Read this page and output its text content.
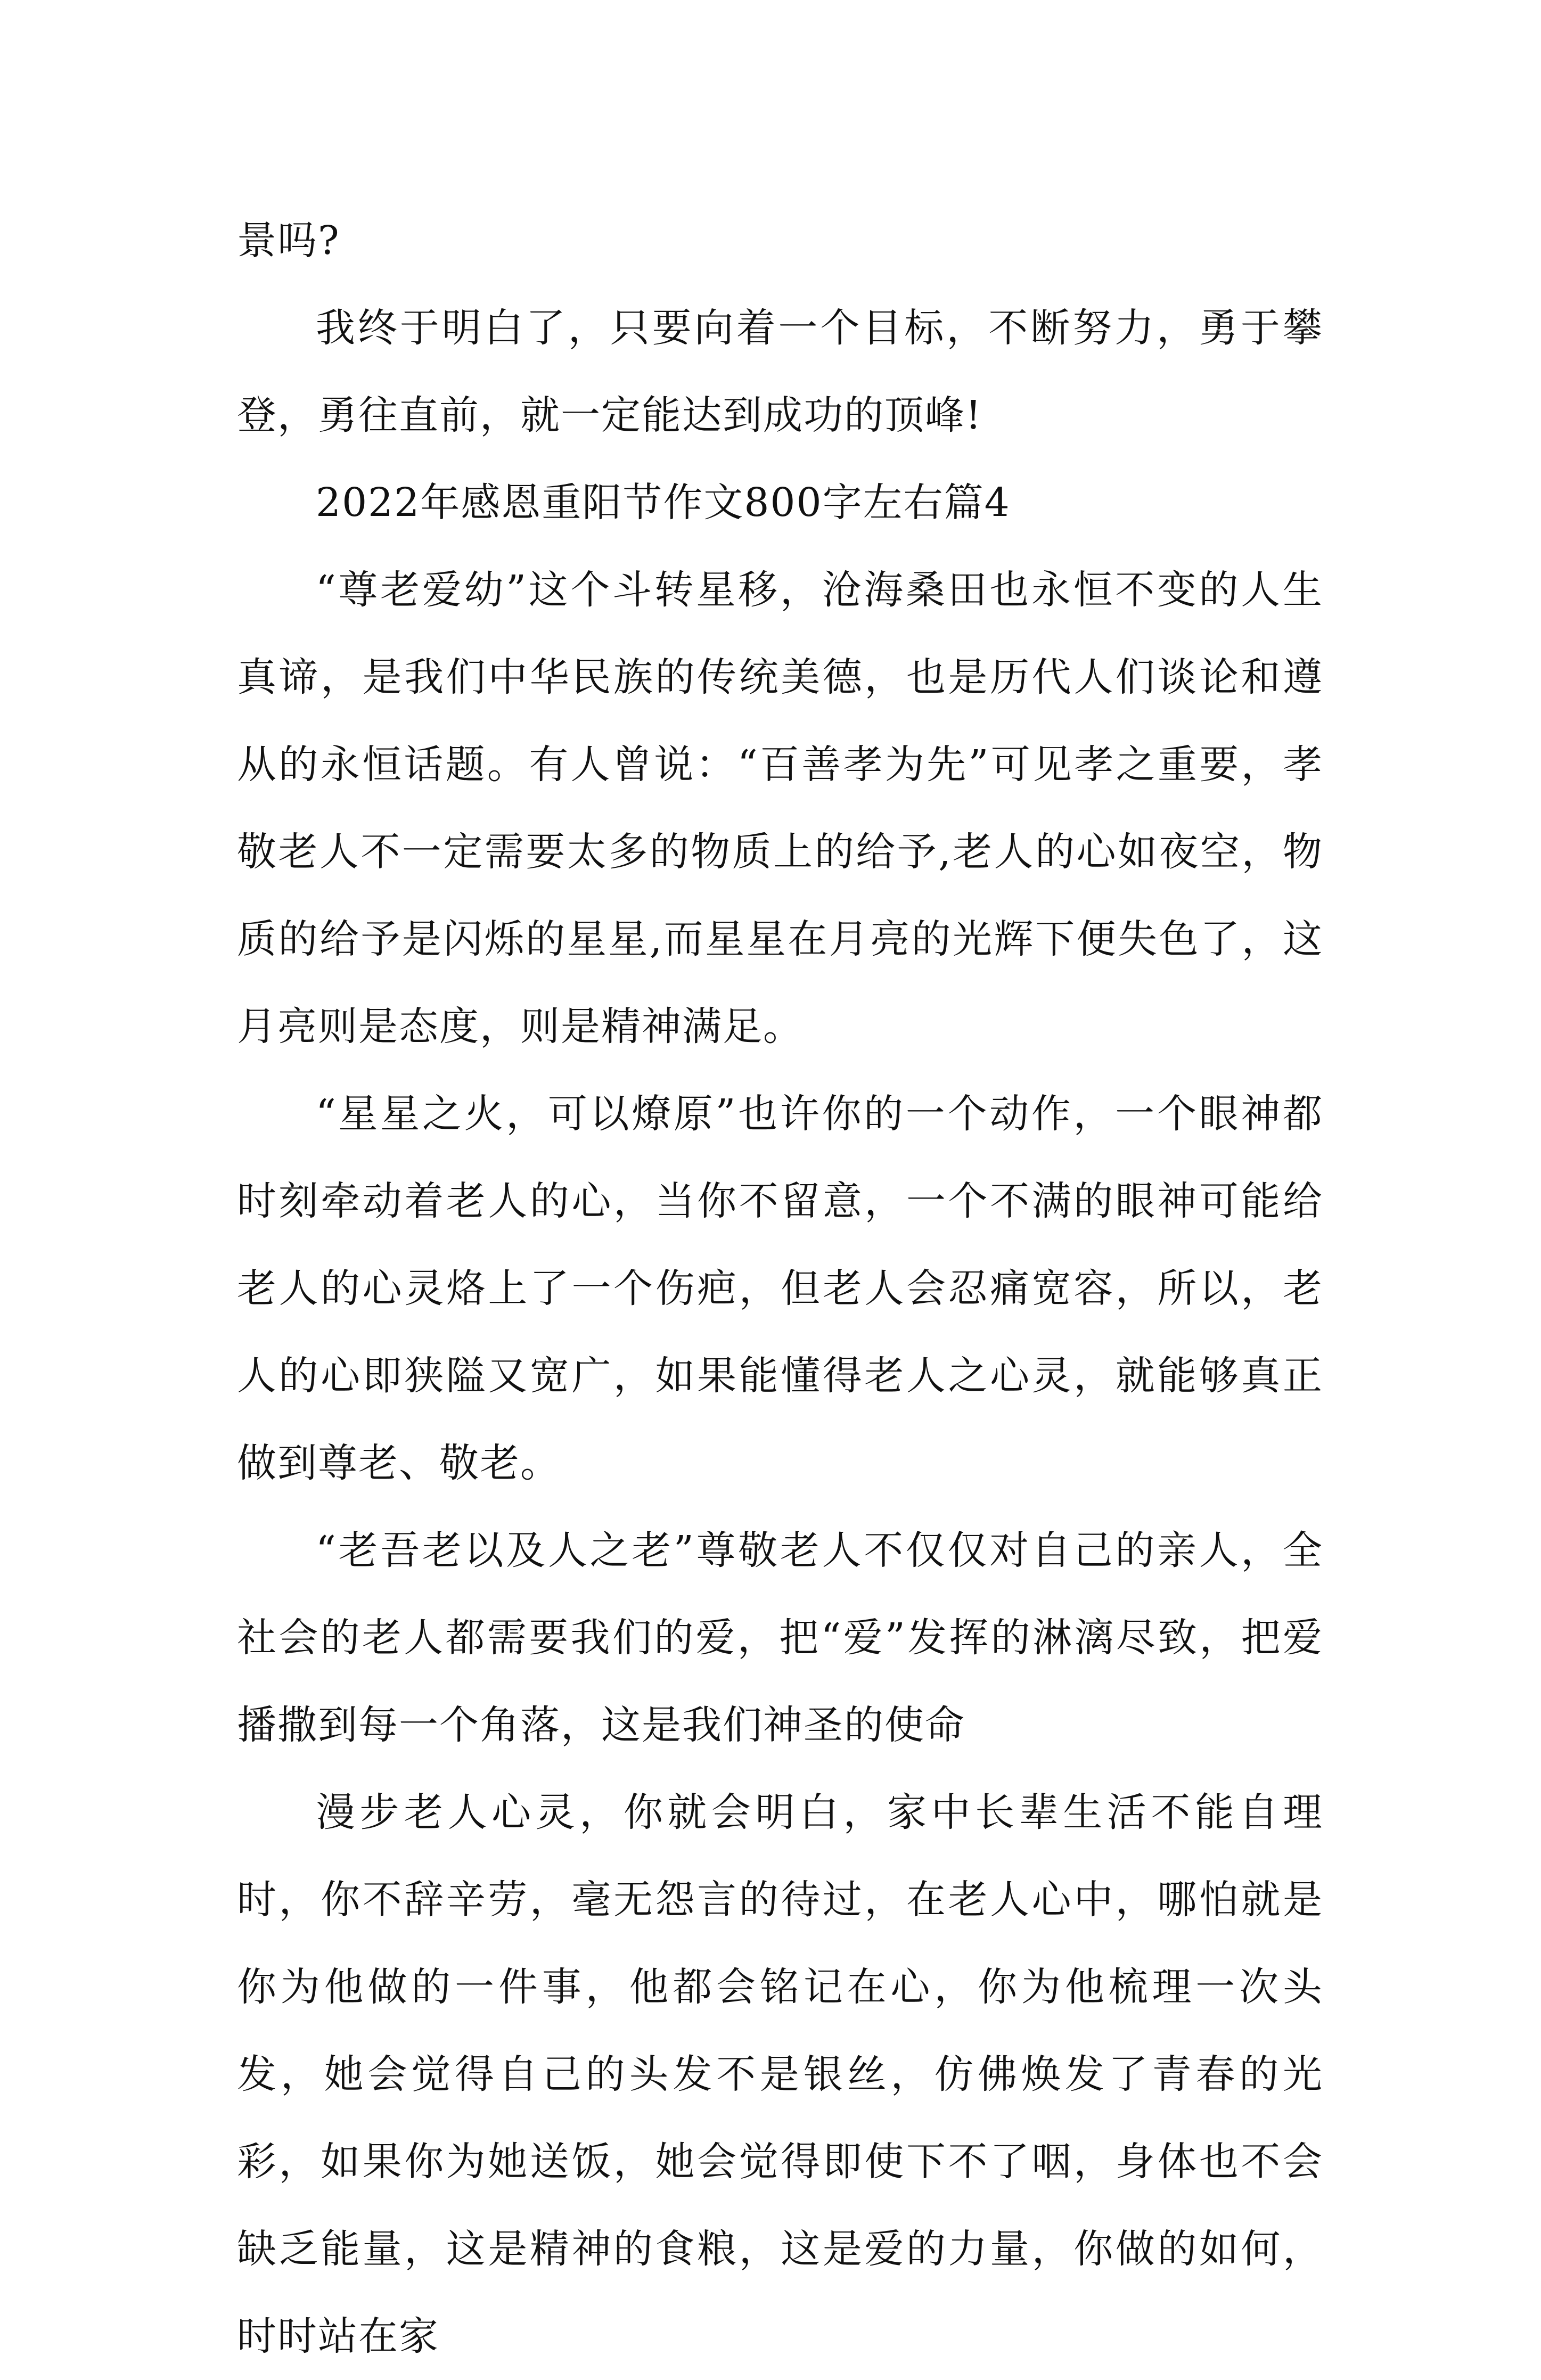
景吗?

我终于明白了，只要向着一个目标，不断努力，勇于攀登，勇往直前，就一定能达到成功的顶峰!

2022年感恩重阳节作文800字左右篇4

“尊老爱幼”这个斗转星移，沧海桑田也永恒不变的人生真谛，是我们中华民族的传统美德，也是历代人们谈论和遵从的永恒话题。有人曾说：“百善孝为先”可见孝之重要，孝敬老人不一定需要太多的物质上的给予,老人的心如夜空，物质的给予是闪烁的星星,而星星在月亮的光辉下便失色了，这月亮则是态度，则是精神满足。

“星星之火，可以燎原”也许你的一个动作，一个眼神都时刻牵动着老人的心，当你不留意，一个不满的眼神可能给老人的心灵烙上了一个伤疤，但老人会忍痛宽容，所以，老人的心即狭隘又宽广，如果能懂得老人之心灵，就能够真正做到尊老、敬老。

“老吾老以及人之老”尊敬老人不仅仅对自己的亲人，全社会的老人都需要我们的爱，把“爱”发挥的淋漓尽致，把爱播撒到每一个角落，这是我们神圣的使命

漫步老人心灵，你就会明白，家中长辈生活不能自理时，你不辞辛劳，毫无怨言的待过，在老人心中，哪怕就是你为他做的一件事，他都会铭记在心，你为他梳理一次头发，她会觉得自己的头发不是银丝，仿佛焕发了青春的光彩，如果你为她送饭，她会觉得即使下不了咽，身体也不会缺乏能量，这是精神的食粮，这是爱的力量，你做的如何，时时站在家
